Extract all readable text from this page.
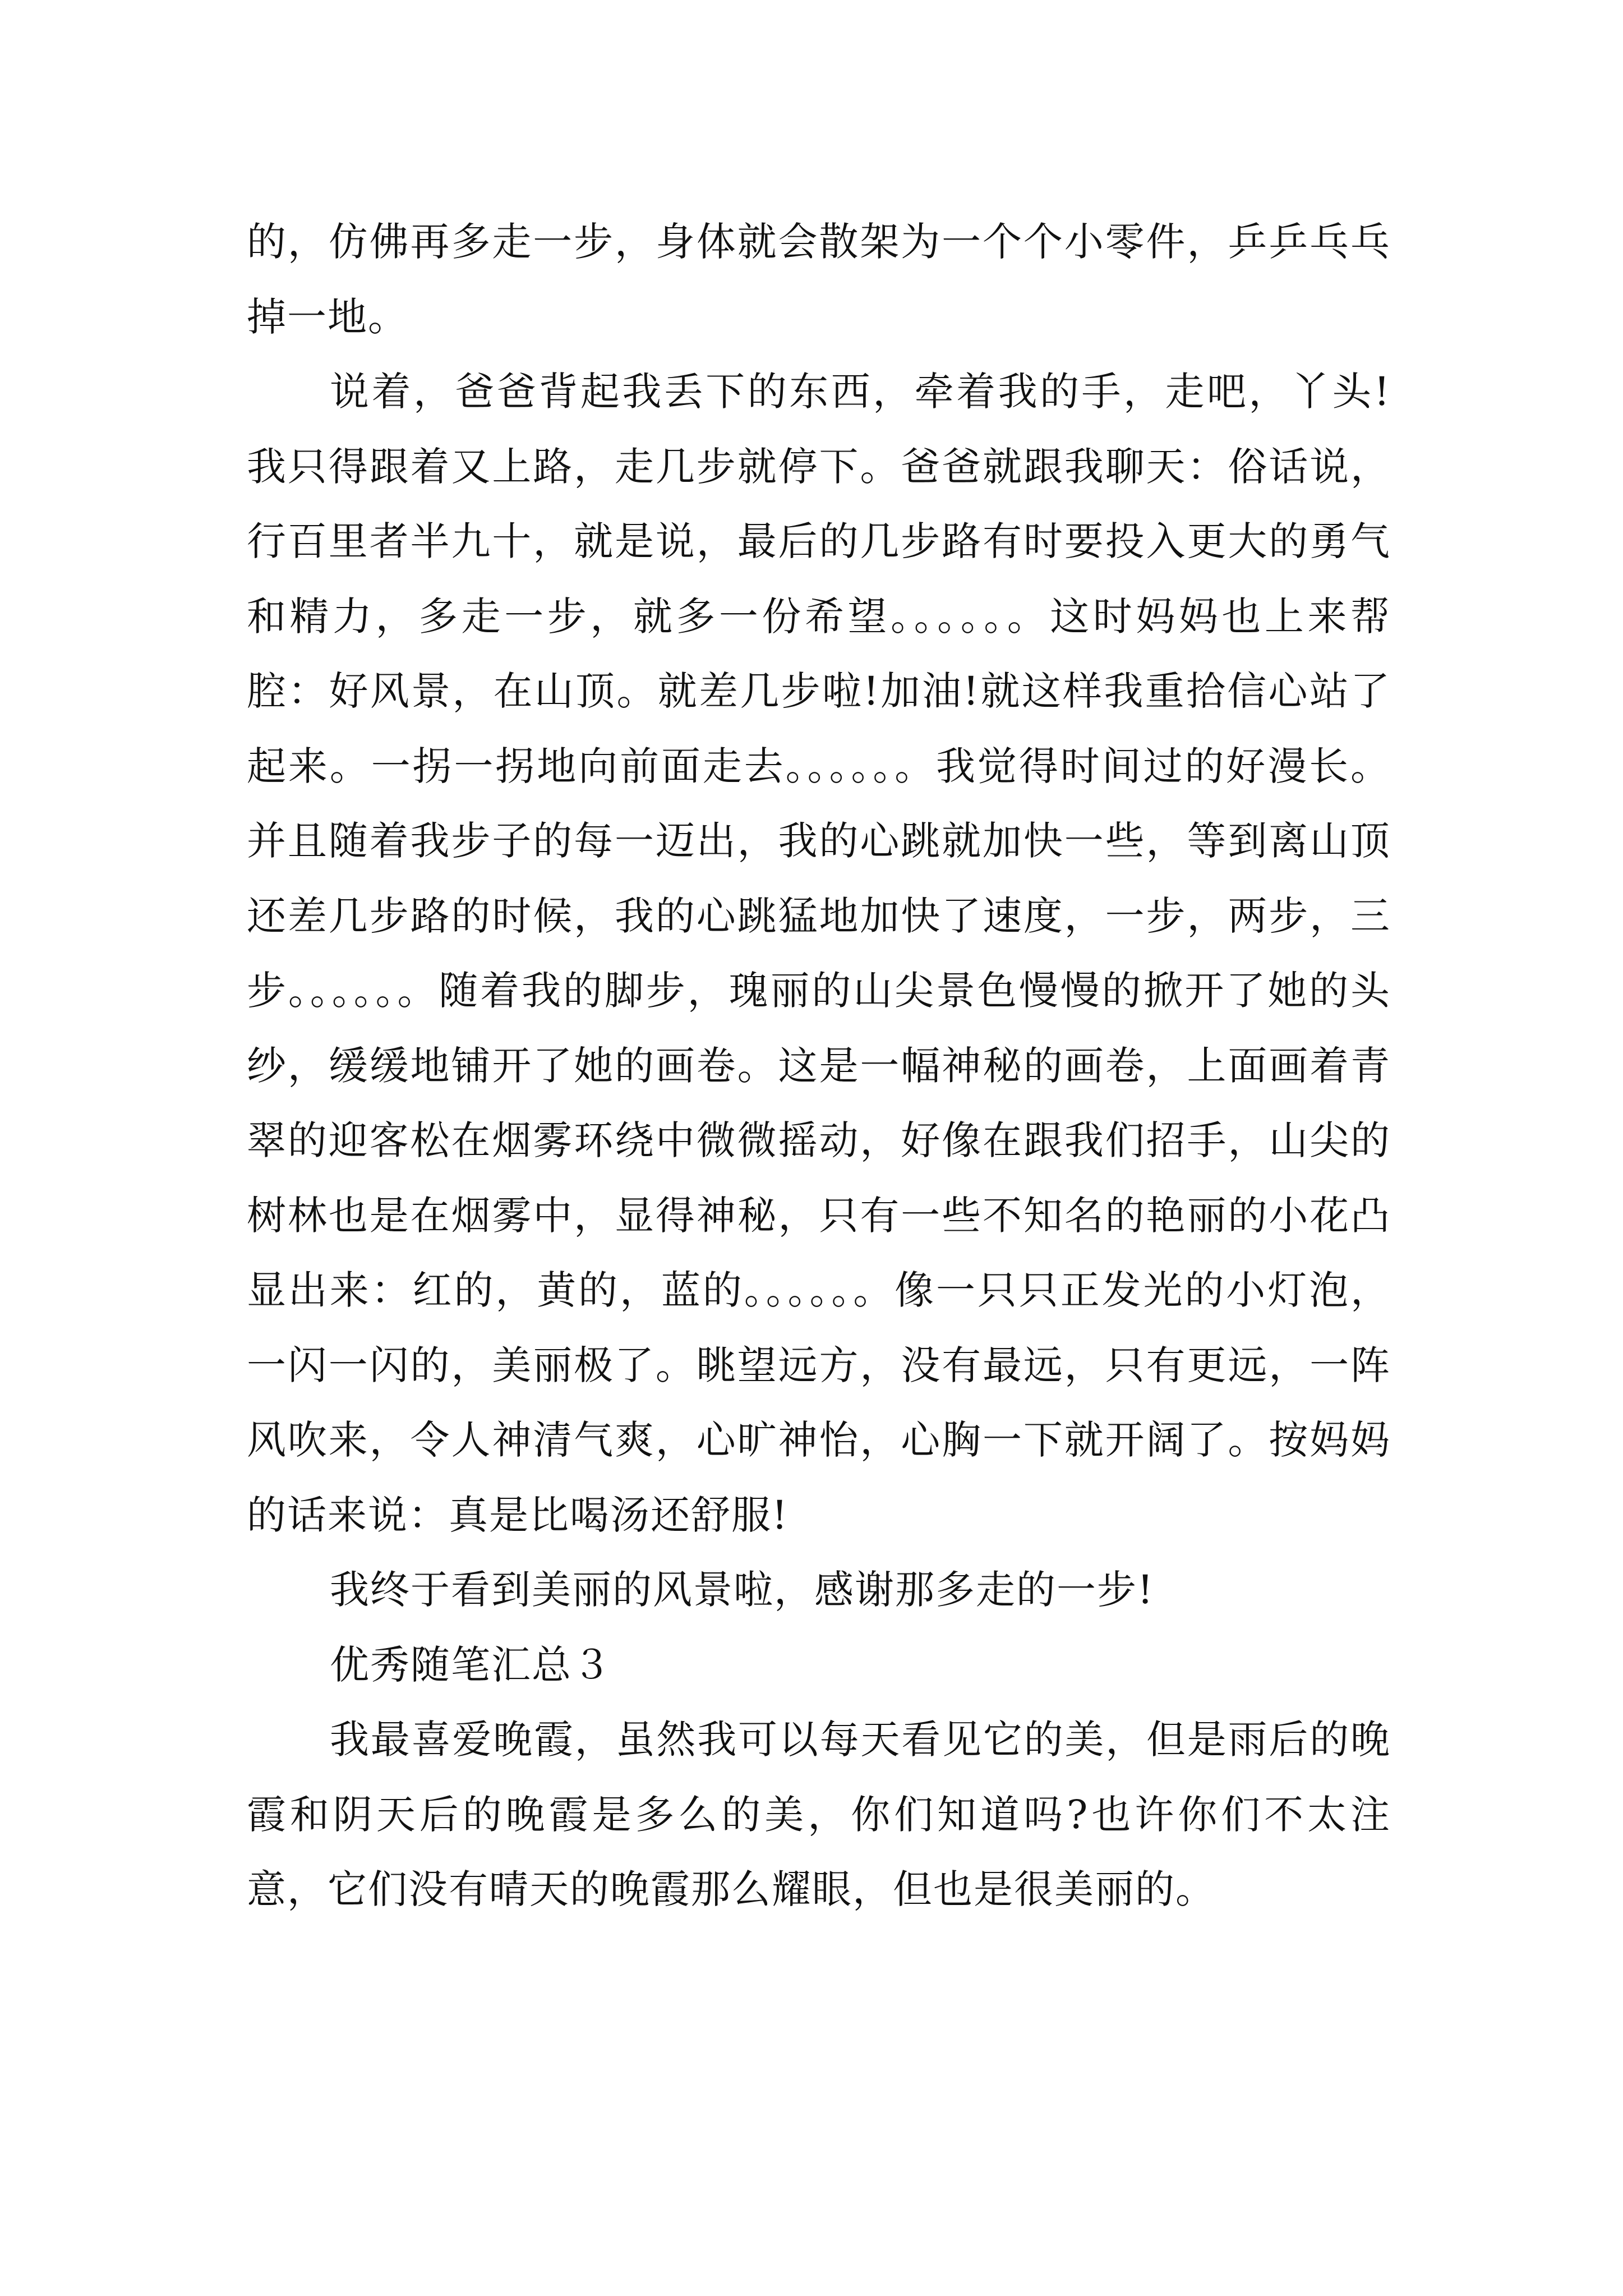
的，仿佛再多走一步，身体就会散架为一个个小零件，乒乒乓乓掉一地。

说着，爸爸背起我丢下的东西，牵着我的手，走吧，丫头!我只得跟着又上路，走几步就停下。爸爸就跟我聊天：俗话说，行百里者半九十，就是说，最后的几步路有时要投入更大的勇气和精力，多走一步，就多一份希望。。。。。。这时妈妈也上来帮腔：好风景，在山顶。就差几步啦!加油!就这样我重拾信心站了起来。一拐一拐地向前面走去。。。。。。我觉得时间过的好漫长。并且随着我步子的每一迈出，我的心跳就加快一些，等到离山顶还差几步路的时候，我的心跳猛地加快了速度，一步，两步，三步。。。。。。随着我的脚步，瑰丽的山尖景色慢慢的掀开了她的头纱，缓缓地铺开了她的画卷。这是一幅神秘的画卷，上面画着青翠的迎客松在烟雾环绕中微微摇动，好像在跟我们招手，山尖的树林也是在烟雾中，显得神秘，只有一些不知名的艳丽的小花凸显出来：红的，黄的，蓝的。。。。。。像一只只正发光的小灯泡，一闪一闪的，美丽极了。眺望远方，没有最远，只有更远，一阵风吹来，令人神清气爽，心旷神怡，心胸一下就开阔了。按妈妈的话来说：真是比喝汤还舒服!

我终于看到美丽的风景啦，感谢那多走的一步!

优秀随笔汇总３

我最喜爱晚霞，虽然我可以每天看见它的美，但是雨后的晚霞和阴天后的晚霞是多么的美，你们知道吗?也许你们不太注意，它们没有晴天的晚霞那么耀眼，但也是很美丽的。
